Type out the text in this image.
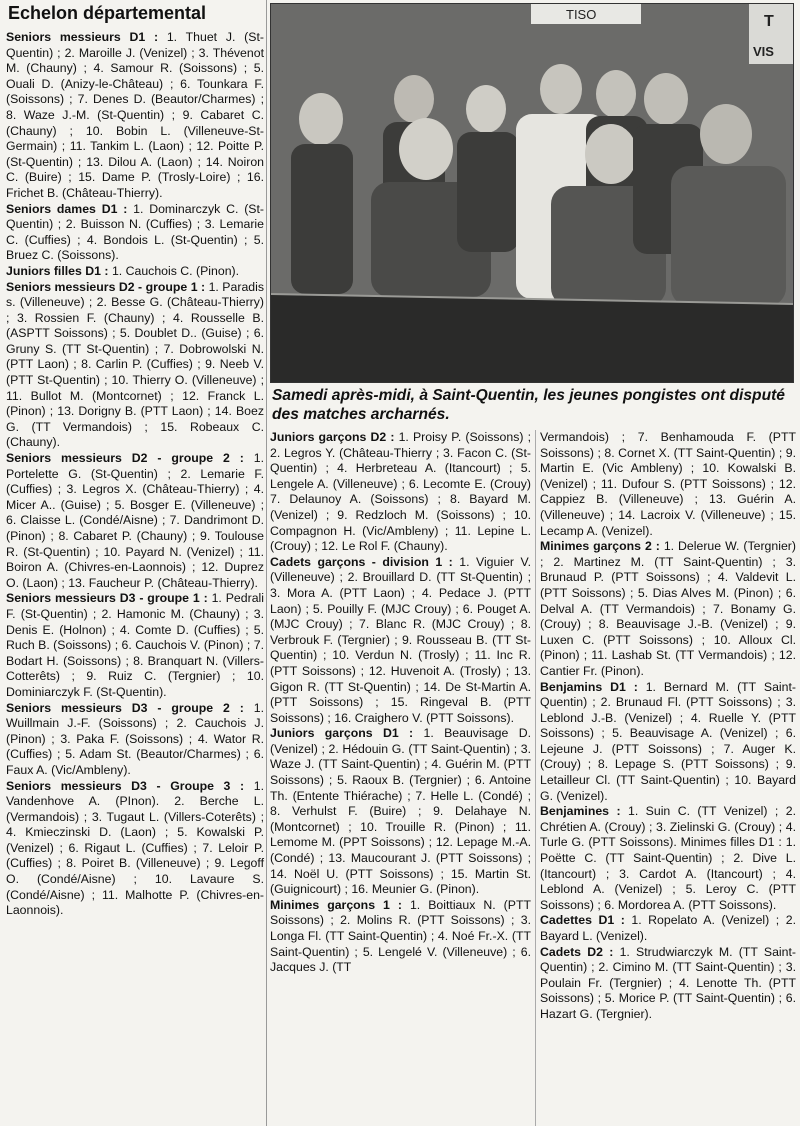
Echelon départemental

Seniors messieurs D1 : 1. Thuet J. (St-Quentin) ; 2. Maroille J. (Venizel) ; 3. Thévenot M. (Chauny) ; 4. Samour R. (Soissons) ; 5. Ouali D. (Anizy-le-Château) ; 6. Tounkara F. (Soissons) ; 7. Denes D. (Beautor/Charmes) ; 8. Waze J.-M. (St-Quentin) ; 9. Cabaret C. (Chauny) ; 10. Bobin L. (Villeneuve-St-Germain) ; 11. Tankim L. (Laon) ; 12. Poitte P. (St-Quentin) ; 13. Dilou A. (Laon) ; 14. Noiron C. (Buire) ; 15. Dame P. (Trosly-Loire) ; 16. Frichet B. (Château-Thierry).

Seniors dames D1 : 1. Dominarczyk C. (St-Quentin) ; 2. Buisson N. (Cuffies) ; 3. Lemarie C. (Cuffies) ; 4. Bondois L. (St-Quentin) ; 5. Bruez C. (Soissons).

Juniors filles D1 : 1. Cauchois C. (Pinon).

Seniors messieurs D2 - groupe 1 : 1. Paradis s. (Villeneuve) ; 2. Besse G. (Château-Thierry) ; 3. Rossien F. (Chauny) ; 4. Rousselle B. (ASPTT Soissons) ; 5. Doublet D.. (Guise) ; 6. Gruny S. (TT St-Quentin) ; 7. Dobrowolski N. (PTT Laon) ; 8. Carlin P. (Cuffies) ; 9. Neeb V. (PTT St-Quentin) ; 10. Thierry O. (Villeneuve) ; 11. Bullot M. (Montcornet) ; 12. Franck L. (Pinon) ; 13. Dorigny B. (PTT Laon) ; 14. Boez G. (TT Vermandois) ; 15. Robeaux C. (Chauny).

Seniors messieurs D2 - groupe 2 : 1. Portelette G. (St-Quentin) ; 2. Lemarie F. (Cuffies) ; 3. Legros X. (Château-Thierry) ; 4. Micer A.. (Guise) ; 5. Bosger E. (Villeneuve) ; 6. Claisse L. (Condé/Aisne) ; 7. Dandrimont D. (Pinon) ; 8. Cabaret P. (Chauny) ; 9. Toulouse R. (St-Quentin) ; 10. Payard N. (Venizel) ; 11. Boiron A. (Chivres-en-Laonnois) ; 12. Duprez O. (Laon) ; 13. Faucheur P. (Château-Thierry).

Seniors messieurs D3 - groupe 1 : 1. Pedrali F. (St-Quentin) ; 2. Hamonic M. (Chauny) ; 3. Denis E. (Holnon) ; 4. Comte D. (Cuffies) ; 5. Ruch B. (Soissons) ; 6. Cauchois V. (Pinon) ; 7. Bodart H. (Soissons) ; 8. Branquart N. (Villers-Cotterêts) ; 9. Ruiz C. (Tergnier) ; 10. Dominiarczyk F. (St-Quentin).

Seniors messieurs D3 - groupe 2 : 1. Wuillmain J.-F. (Soissons) ; 2. Cauchois J. (Pinon) ; 3. Paka F. (Soissons) ; 4. Wator R. (Cuffies) ; 5. Adam St. (Beautor/Charmes) ; 6. Faux A. (Vic/Ambleny).

Seniors messieurs D3 - Groupe 3 : 1. Vandenhove A. (PInon). 2. Berche L. (Vermandois) ; 3. Tugaut L. (Villers-Coterêts) ; 4. Kmieczinski D. (Laon) ; 5. Kowalski P. (Venizel) ; 6. Rigaut L. (Cuffies) ; 7. Leloir P. (Cuffies) ; 8. Poiret B. (Villeneuve) ; 9. Legoff O. (Condé/Aisne) ; 10. Lavaure S. (Condé/Aisne) ; 11. Malhotte P. (Chivres-en-Laonnois).

TISO	T
VIS
Samedi après-midi, à Saint-Quentin, les jeunes pongistes ont disputé des matches archarnés.

Juniors garçons D2 : 1. Proisy P. (Soissons) ; 2. Legros Y. (Château-Thierry ; 3. Facon C. (St-Quentin) ; 4. Herbreteau A. (Itancourt) ; 5. Lengele A. (Villeneuve) ; 6. Lecomte E. (Crouy) 7. Delaunoy A. (Soissons) ; 8. Bayard M. (Venizel) ; 9. Redzloch M. (Soissons) ; 10. Compagnon H. (Vic/Ambleny) ; 11. Lepine L. (Crouy) ; 12. Le Rol F. (Chauny).

Cadets garçons - division 1 : 1. Viguier V. (Villeneuve) ; 2. Brouillard D. (TT St-Quentin) ; 3. Mora A. (PTT Laon) ; 4. Pedace J. (PTT Laon) ; 5. Pouilly F. (MJC Crouy) ; 6. Pouget A. (MJC Crouy) ; 7. Blanc R. (MJC Crouy) ; 8. Verbrouk F. (Tergnier) ; 9. Rousseau B. (TT St-Quentin) ; 10. Verdun N. (Trosly) ; 11. Inc R. (PTT Soissons) ; 12. Huvenoit A. (Trosly) ; 13. Gigon R. (TT St-Quentin) ; 14. De St-Martin A. (PTT Soissons) ; 15. Ringeval B. (PTT Soissons) ; 16. Craighero V. (PTT Soissons).

Juniors garçons D1 : 1. Beauvisage D. (Venizel) ; 2. Hédouin G. (TT Saint-Quentin) ; 3. Waze J. (TT Saint-Quentin) ; 4. Guérin M. (PTT Soissons) ; 5. Raoux B. (Tergnier) ; 6. Antoine Th. (Entente Thiérache) ; 7. Helle L. (Condé) ; 8. Verhulst F. (Buire) ; 9. Delahaye N. (Montcornet) ; 10. Trouille R. (Pinon) ; 11. Lemome M. (PPT Soissons) ; 12. Lepage M.-A. (Condé) ; 13. Maucourant J. (PTT Soissons) ; 14. Noël U. (PTT Soissons) ; 15. Martin St. (Guignicourt) ; 16. Meunier G. (Pinon).

Minimes garçons 1 : 1. Boittiaux N. (PTT Soissons) ; 2. Molins R. (PTT Soissons) ; 3. Longa Fl. (TT Saint-Quentin) ; 4. Noé Fr.-X. (TT Saint-Quentin) ; 5. Lengelé V. (Villeneuve) ; 6. Jacques J. (TT

Vermandois) ; 7. Benhamouda F. (PTT Soissons) ; 8. Cornet X. (TT Saint-Quentin) ; 9. Martin E. (Vic Ambleny) ; 10. Kowalski B. (Venizel) ; 11. Dufour S. (PTT Soissons) ; 12. Cappiez B. (Villeneuve) ; 13. Guérin A. (Villeneuve) ; 14. Lacroix V. (Villeneuve) ; 15. Lecamp A. (Venizel).

Minimes garçons 2 : 1. Delerue W. (Tergnier) ; 2. Martinez M. (TT Saint-Quentin) ; 3. Brunaud P. (PTT Soissons) ; 4. Valdevit L. (PTT Soissons) ; 5. Dias Alves M. (Pinon) ; 6. Delval A. (TT Vermandois) ; 7. Bonamy G. (Crouy) ; 8. Beauvisage J.-B. (Venizel) ; 9. Luxen C. (PTT Soissons) ; 10. Alloux Cl. (Pinon) ; 11. Lashab St. (TT Vermandois) ; 12. Cantier Fr. (Pinon).

Benjamins D1 : 1. Bernard M. (TT Saint-Quentin) ; 2. Brunaud Fl. (PTT Soissons) ; 3. Leblond J.-B. (Venizel) ; 4. Ruelle Y. (PTT Soissons) ; 5. Beauvisage A. (Venizel) ; 6. Lejeune J. (PTT Soissons) ; 7. Auger K. (Crouy) ; 8. Lepage S. (PTT Soissons) ; 9. Letailleur Cl. (TT Saint-Quentin) ; 10. Bayard G. (Venizel).

Benjamines : 1. Suin C. (TT Venizel) ; 2. Chrétien A. (Crouy) ; 3. Zielinski G. (Crouy) ; 4. Turle G. (PTT Soissons). Minimes filles D1 : 1. Poëtte C. (TT Saint-Quentin) ; 2. Dive L. (Itancourt) ; 3. Cardot A. (Itancourt) ; 4. Leblond A. (Venizel) ; 5. Leroy C. (PTT Soissons) ; 6. Mordorea A. (PTT Soissons).

Cadettes D1 : 1. Ropelato A. (Venizel) ; 2. Bayard L. (Venizel).

Cadets D2 : 1. Strudwiarczyk M. (TT Saint-Quentin) ; 2. Cimino M. (TT Saint-Quentin) ; 3. Poulain Fr. (Tergnier) ; 4. Lenotte Th. (PTT Soissons) ; 5. Morice P. (TT Saint-Quentin) ; 6. Hazart G. (Tergnier).
